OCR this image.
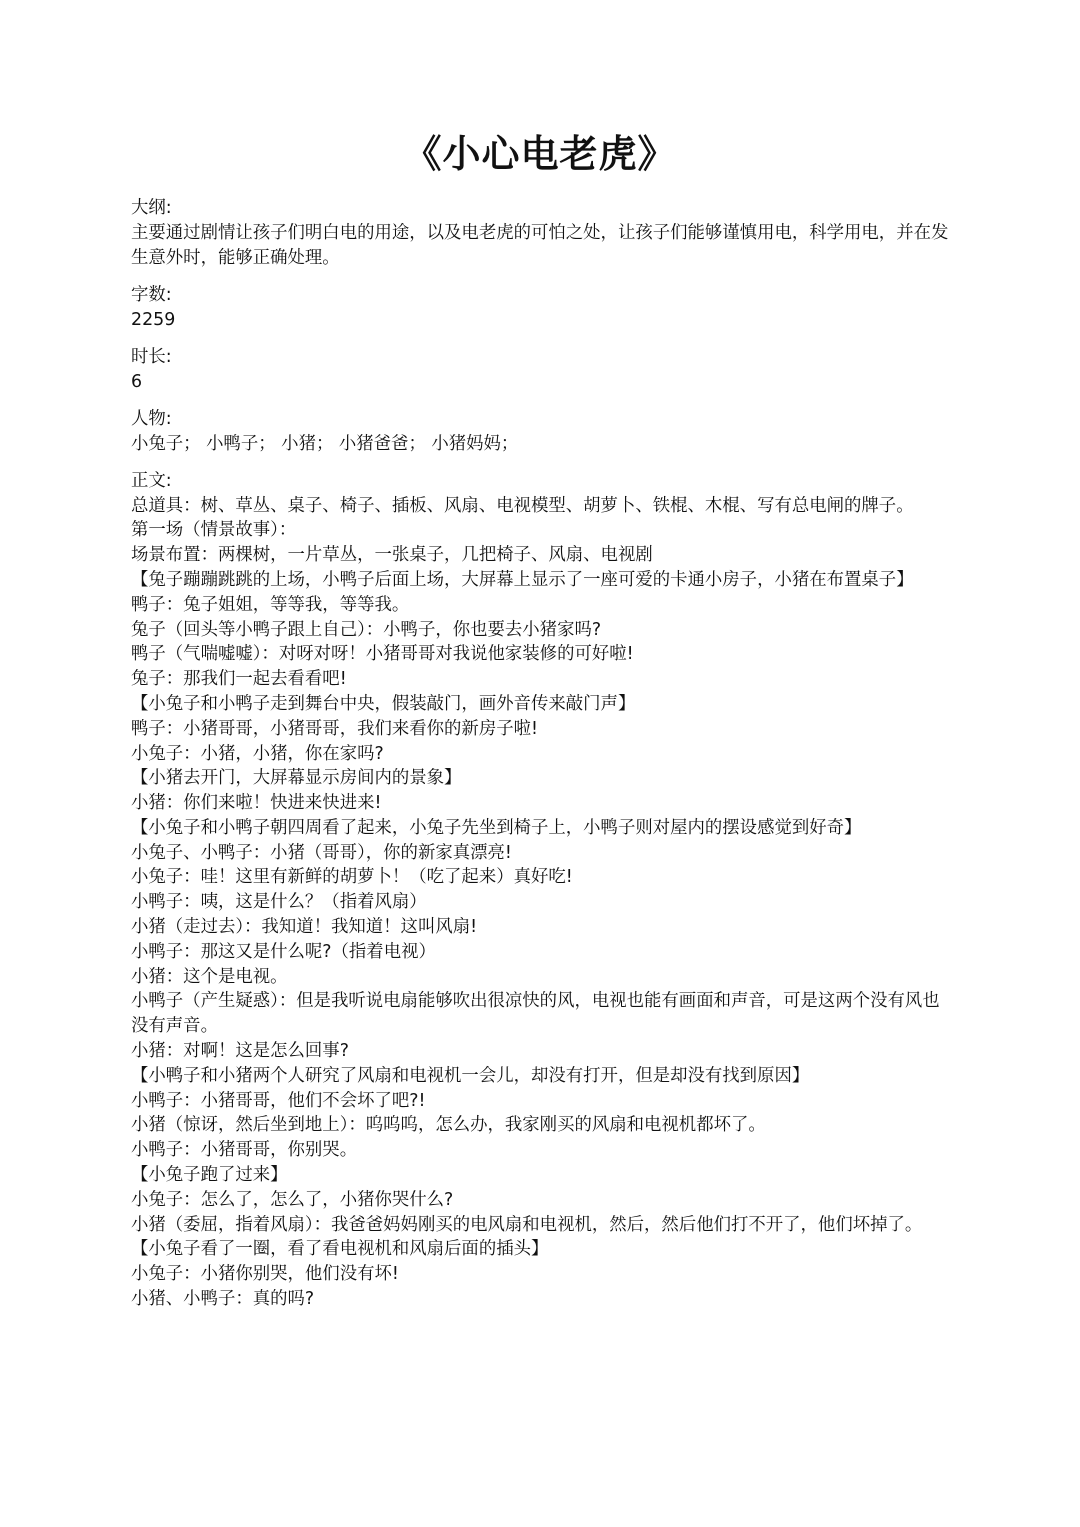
《小心电老虎》

大纲:

主要通过剧情让孩子们明白电的用途，以及电老虎的可怕之处，让孩子们能够谨慎用电，科学用电，并在发生意外时，能够正确处理。

字数:

2259

时长:

6

人物:

小兔子； 小鸭子； 小猪； 小猪爸爸； 小猪妈妈；

正文:

总道具：树、草丛、桌子、椅子、插板、风扇、电视模型、胡萝卜、铁棍、木棍、写有总电闸的牌子。

第一场（情景故事）：

场景布置：两棵树，一片草丛，一张桌子，几把椅子、风扇、电视剧

【兔子蹦蹦跳跳的上场，小鸭子后面上场，大屏幕上显示了一座可爱的卡通小房子，小猪在布置桌子】

鸭子：兔子姐姐，等等我，等等我。

兔子（回头等小鸭子跟上自己）：小鸭子，你也要去小猪家吗?

鸭子（气喘嘘嘘）：对呀对呀！小猪哥哥对我说他家装修的可好啦!

兔子：那我们一起去看看吧!

【小兔子和小鸭子走到舞台中央，假装敲门，画外音传来敲门声】

鸭子：小猪哥哥，小猪哥哥，我们来看你的新房子啦!

小兔子：小猪，小猪，你在家吗?

【小猪去开门，大屏幕显示房间内的景象】

小猪：你们来啦！快进来快进来!

【小兔子和小鸭子朝四周看了起来，小兔子先坐到椅子上，小鸭子则对屋内的摆设感觉到好奇】

小兔子、小鸭子：小猪（哥哥），你的新家真漂亮!

小兔子：哇！这里有新鲜的胡萝卜！（吃了起来）真好吃!

小鸭子：咦，这是什么？（指着风扇）

小猪（走过去）：我知道！我知道！这叫风扇!

小鸭子：那这又是什么呢?（指着电视）

小猪：这个是电视。

小鸭子（产生疑惑）：但是我听说电扇能够吹出很凉快的风，电视也能有画面和声音，可是这两个没有风也没有声音。

小猪：对啊！这是怎么回事?

【小鸭子和小猪两个人研究了风扇和电视机一会儿，却没有打开，但是却没有找到原因】

小鸭子：小猪哥哥，他们不会坏了吧?!

小猪（惊讶，然后坐到地上）：呜呜呜，怎么办，我家刚买的风扇和电视机都坏了。

小鸭子：小猪哥哥，你别哭。

【小兔子跑了过来】

小兔子：怎么了，怎么了，小猪你哭什么?

小猪（委屈，指着风扇）：我爸爸妈妈刚买的电风扇和电视机，然后，然后他们打不开了，他们坏掉了。

【小兔子看了一圈，看了看电视机和风扇后面的插头】

小兔子：小猪你别哭，他们没有坏!

小猪、小鸭子：真的吗?
